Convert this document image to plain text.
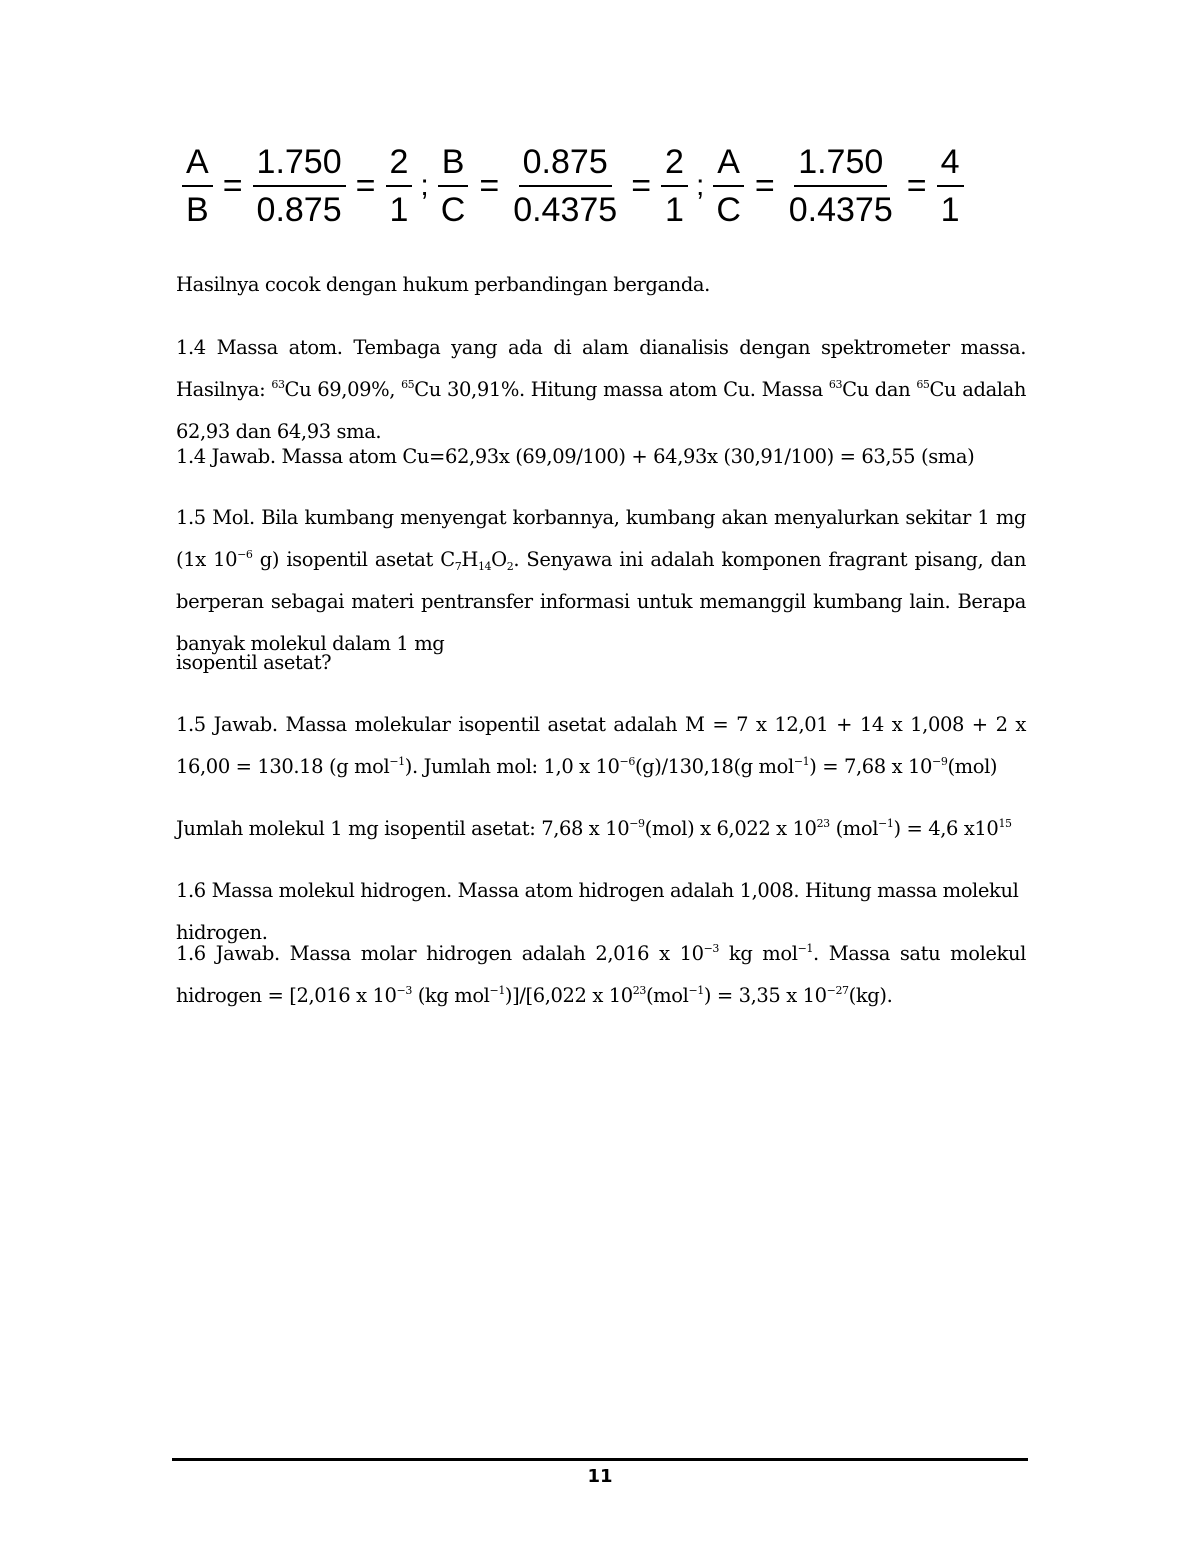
$\frac{A}{B} = \frac{1.750}{0.875} = \frac{2}{1}$ ; $\frac{B}{C} = \frac{0.875}{0.4375} = \frac{2}{1}$ ; $\frac{A}{C} = \frac{1.750}{0.4375} = \frac{4}{1}$

Hasilnya cocok dengan hukum perbandingan berganda.

1.4 Massa atom. Tembaga yang ada di alam dianalisis dengan spektrometer massa. Hasilnya: $^{63}$Cu 69,09%, $^{65}$Cu 30,91%. Hitung massa atom Cu. Massa $^{63}$Cu dan $^{65}$Cu adalah 62,93 dan 64,93 sma.

1.4 Jawab. Massa atom Cu=62,93x (69,09/100) + 64,93x (30,91/100) = 63,55 (sma)

1.5 Mol. Bila kumbang menyengat korbannya, kumbang akan menyalurkan sekitar 1 mg (1x $10^{-6}$ g) isopentil asetat $C_7H_{14}O_2$. Senyawa ini adalah komponen fragrant pisang, dan berperan sebagai materi pentransfer informasi untuk memanggil kumbang lain. Berapa banyak molekul dalam 1 mg

isopentil asetat?

1.5 Jawab. Massa molekular isopentil asetat adalah M = 7 x 12,01 + 14 x 1,008 + 2 x 16,00 = 130.18 (g mol$^{-1}$). Jumlah mol: 1,0 x $10^{-6}(g)/130,18(g$ mol$^{-1}$) = 7,68 x $10^{-9}(mol)$

Jumlah molekul 1 mg isopentil asetat: 7,68 x $10^{-9}(mol)$ x 6,022 x $10^{23}$ (mol$^{-1}$) = 4,6 $x10^{15}$

1.6 Massa molekul hidrogen. Massa atom hidrogen adalah 1,008. Hitung massa molekul hidrogen.

1.6 Jawab. Massa molar hidrogen adalah 2,016 x $10^{-3}$ kg mol$^{-1}$. Massa satu molekul hidrogen = [2,016 x $10^{-3}$ (kg mol$^{-1}$)]/[6,022 x $10^{23}(mol^{-1}) = 3,35$ x $10^{-27}(kg)$.

11
